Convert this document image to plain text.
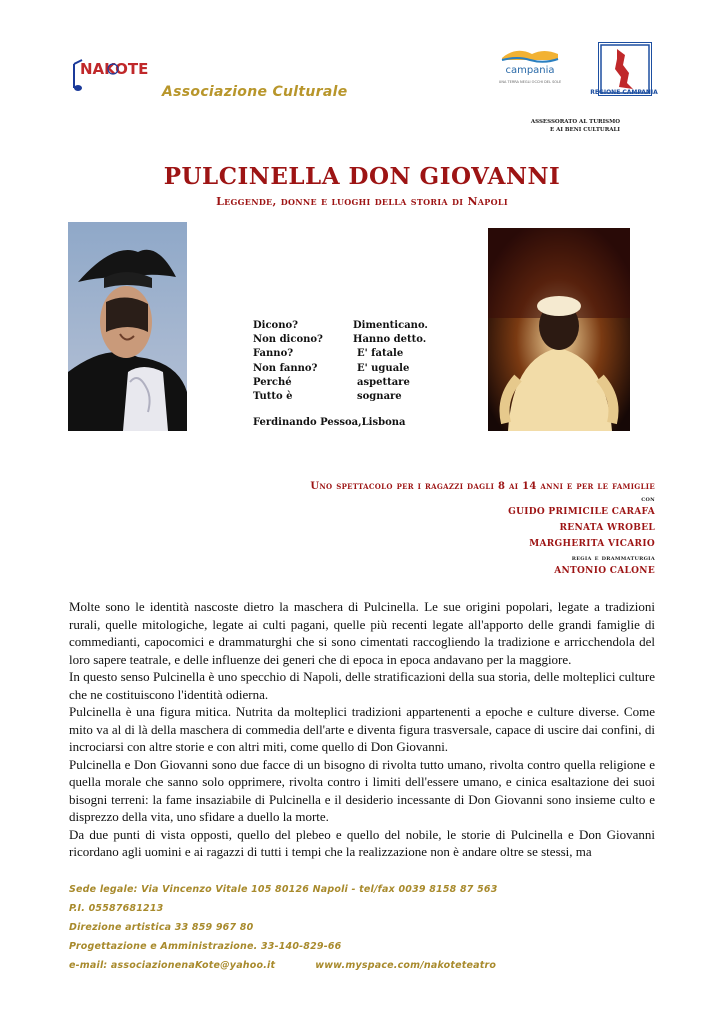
NAKOTE
Associazione Culturale
campania
UNA TERRA NEGLI OCCHI DEL SOLE
REGIONE CAMPANIA
ASSESSORATO AL TURISMO
E AI BENI CULTURALI
PULCINELLA DON GIOVANNI
Leggende, donne e luoghi della storia di Napoli
Dicono?	Dimenticano.
Non dicono?	Hanno detto.
Fanno?	E' fatale
Non fanno?	E' uguale
Perché	aspettare
Tutto è	sognare
Ferdinando Pessoa,Lisbona
Uno spettacolo per i ragazzi dagli 8 ai 14 anni e per le famiglie
con
GUIDO PRIMICILE CARAFA
RENATA WROBEL
MARGHERITA VICARIO
regia e drammaturgia
ANTONIO CALONE

Molte sono le identità nascoste dietro la maschera di Pulcinella. Le sue origini popolari, legate a tradizioni rurali, quelle mitologiche, legate ai culti pagani, quelle più recenti legate all'apporto delle grandi famiglie di commedianti, capocomici e drammaturghi che si sono cimentati raccogliendo la tradizione e arricchendola del loro sapere teatrale, e delle influenze dei generi che di epoca in epoca andavano per la maggiore.

In questo senso Pulcinella è uno specchio di Napoli, delle stratificazioni della sua storia, delle molteplici culture che ne costituiscono l'identità odierna.

Pulcinella è una figura mitica. Nutrita da molteplici tradizioni appartenenti a epoche e culture diverse. Come mito va al di là della maschera di commedia dell'arte e diventa figura trasversale, capace di uscire dai confini, di incrociarsi con altre storie e con altri miti, come quello di Don Giovanni.

Pulcinella e Don Giovanni sono due facce di un bisogno di rivolta tutto umano, rivolta contro quella religione e quella morale che sanno solo opprimere, rivolta contro i limiti dell'essere umano, e cinica esaltazione dei suoi bisogni terreni: la fame insaziabile di Pulcinella e il desiderio incessante di Don Giovanni sono insieme culto e disprezzo della vita, uno sfidare a duello la morte.

Da due punti di vista opposti, quello del plebeo e quello del nobile, le storie di Pulcinella e Don Giovanni ricordano agli uomini e ai ragazzi di tutti i tempi che la realizzazione non è andare oltre se stessi, ma

Sede legale: Via Vincenzo Vitale 105 80126 Napoli - tel/fax 0039 8158 87 563
P.I. 05587681213
Direzione artistica 33 859 967 80
Progettazione e Amministrazione. 33-140-829-66
e-mail: associazionenaKote@yahoo.it	www.myspace.com/nakoteteatro
